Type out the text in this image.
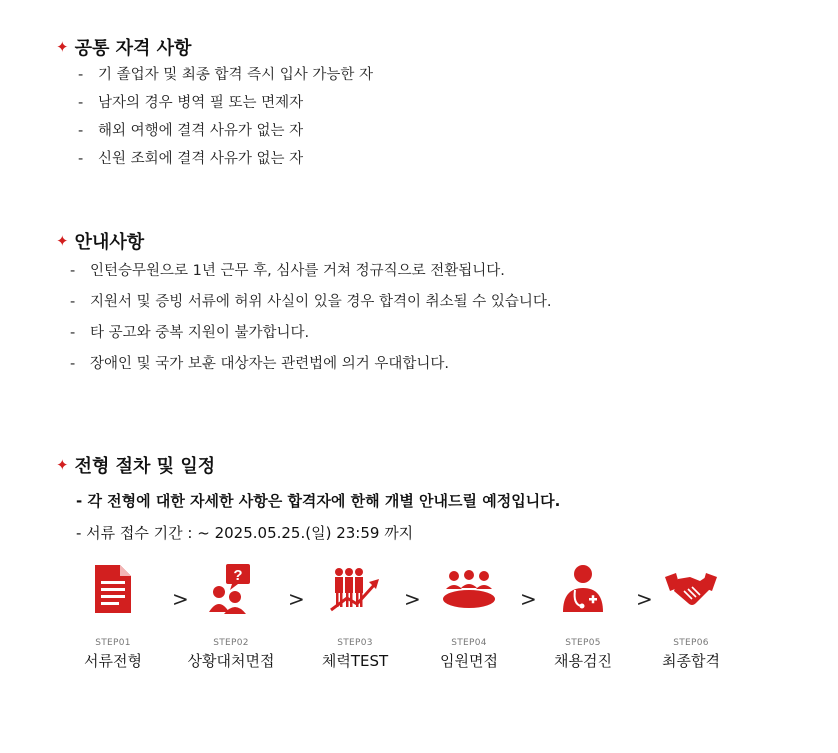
✦ 공통 자격 사항
- 기 졸업자 및 최종 합격 즉시 입사 가능한 자
- 남자의 경우 병역 필 또는 면제자
- 해외 여행에 결격 사유가 없는 자
- 신원 조회에 결격 사유가 없는 자
✦ 안내사항
- 인턴승무원으로 1년 근무 후, 심사를 거쳐 정규직으로 전환됩니다.
- 지원서 및 증빙 서류에 허위 사실이 있을 경우 합격이 취소될 수 있습니다.
- 타 공고와 중복 지원이 불가합니다.
- 장애인 및 국가 보훈 대상자는 관련법에 의거 우대합니다.
✦ 전형 절차 및 일정
- 각 전형에 대한 자세한 사항은 합격자에 한해 개별 안내드릴 예정입니다.
- 서류 접수 기간 : ~ 2025.05.25.(일) 23:59 까지
STEP01
서류전형
>
?
STEP02
상황대처면접
>
STEP03
체력TEST
>
STEP04
임원면접
>
STEP05
채용검진
>
STEP06
최종합격
